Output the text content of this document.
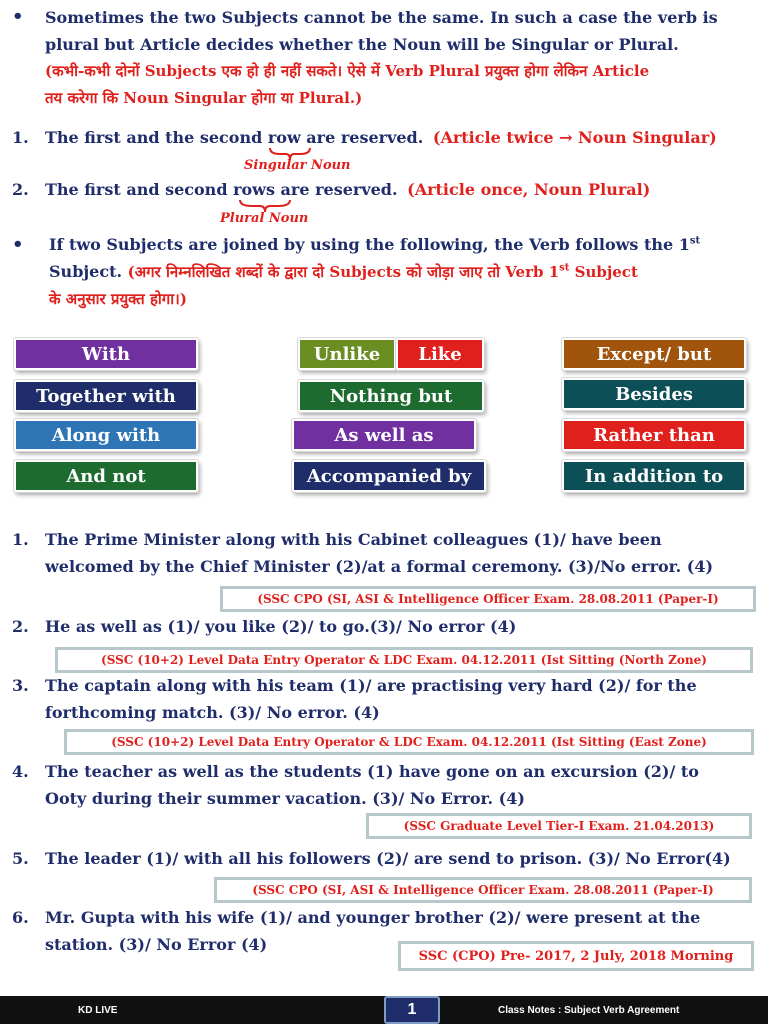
• Sometimes the two Subjects cannot be the same. In such a case the verb is
plural but Article decides whether the Noun will be Singular or Plural.
(कभी-कभी दोनों Subjects एक हो ही नहीं सकते। ऐसे में Verb Plural प्रयुक्त होगा लेकिन Article
तय करेगा कि Noun Singular होगा या Plural.)
1. The first and the second row are reserved. (Article twice → Noun Singular)
Singular Noun
2. The first and second rows are reserved. (Article once, Noun Plural)
Plural Noun
• If two Subjects are joined by using the following, the Verb follows the 1st
Subject. (अगर निम्नलिखित शब्दों के द्वारा दो Subjects को जोड़ा जाए तो Verb 1st Subject
के अनुसार प्रयुक्त होगा।)
With
Together with
Along with
And not
Unlike	Like
Nothing but
As well as
Accompanied by
Except/ but
Besides
Rather than
In addition to
1. The Prime Minister along with his Cabinet colleagues (1)/ have been
welcomed by the Chief Minister (2)/at a formal ceremony. (3)/No error. (4)
(SSC CPO (SI, ASI & Intelligence Officer Exam. 28.08.2011 (Paper-I)
2. He as well as (1)/ you like (2)/ to go.(3)/ No error (4)
(SSC (10+2) Level Data Entry Operator & LDC Exam. 04.12.2011 (Ist Sitting (North Zone)
3. The captain along with his team (1)/ are practising very hard (2)/ for the
forthcoming match. (3)/ No error. (4)
(SSC (10+2) Level Data Entry Operator & LDC Exam. 04.12.2011 (Ist Sitting (East Zone)
4. The teacher as well as the students (1) have gone on an excursion (2)/ to
Ooty during their summer vacation. (3)/ No Error. (4)
(SSC Graduate Level Tier-I Exam. 21.04.2013)
5. The leader (1)/ with all his followers (2)/ are send to prison. (3)/ No Error(4)
(SSC CPO (SI, ASI & Intelligence Officer Exam. 28.08.2011 (Paper-I)
6. Mr. Gupta with his wife (1)/ and younger brother (2)/ were present at the
station. (3)/ No Error (4)
SSC (CPO) Pre- 2017, 2 July, 2018 Morning
KD LIVE	1	Class Notes : Subject Verb Agreement
